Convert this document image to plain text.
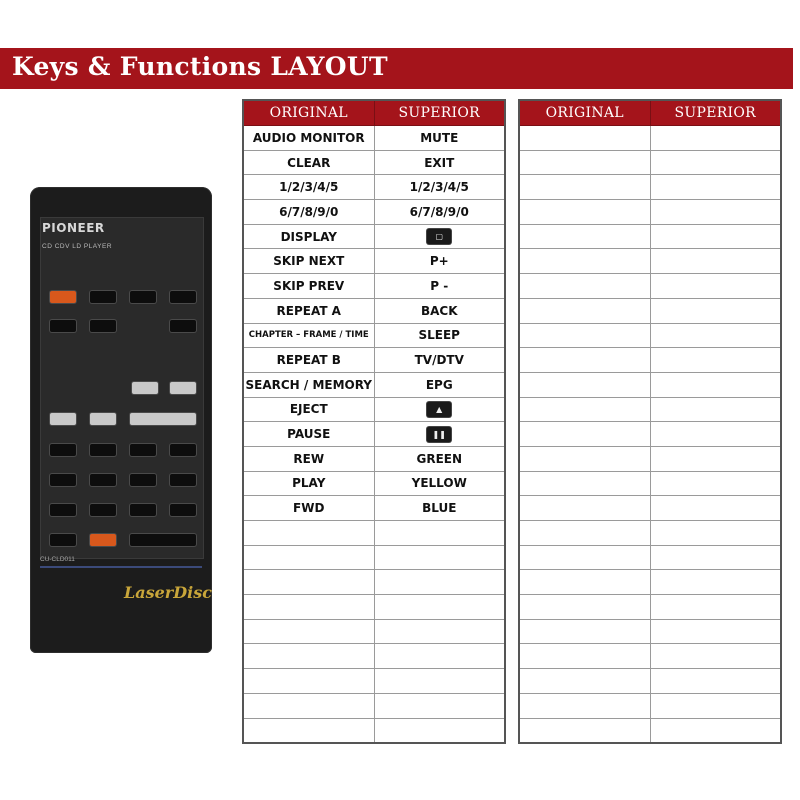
Keys & Functions LAYOUT
PIONEER
CD CDV LD PLAYER
CU-CLD011
LaserDisc
ORIGINAL	SUPERIOR
AUDIO MONITOR	MUTE
CLEAR	EXIT
1/2/3/4/5	1/2/3/4/5
6/7/8/9/0	6/7/8/9/0
DISPLAY	▢

SKIP NEXT	P+
SKIP PREV	P -
REPEAT A	BACK
CHAPTER – FRAME / TIME	SLEEP
REPEAT B	TV/DTV
SEARCH / MEMORY	EPG
EJECT	▲

PAUSE	❚❚

REW	GREEN
PLAY	YELLOW
FWD	BLUE

ORIGINAL	SUPERIOR
